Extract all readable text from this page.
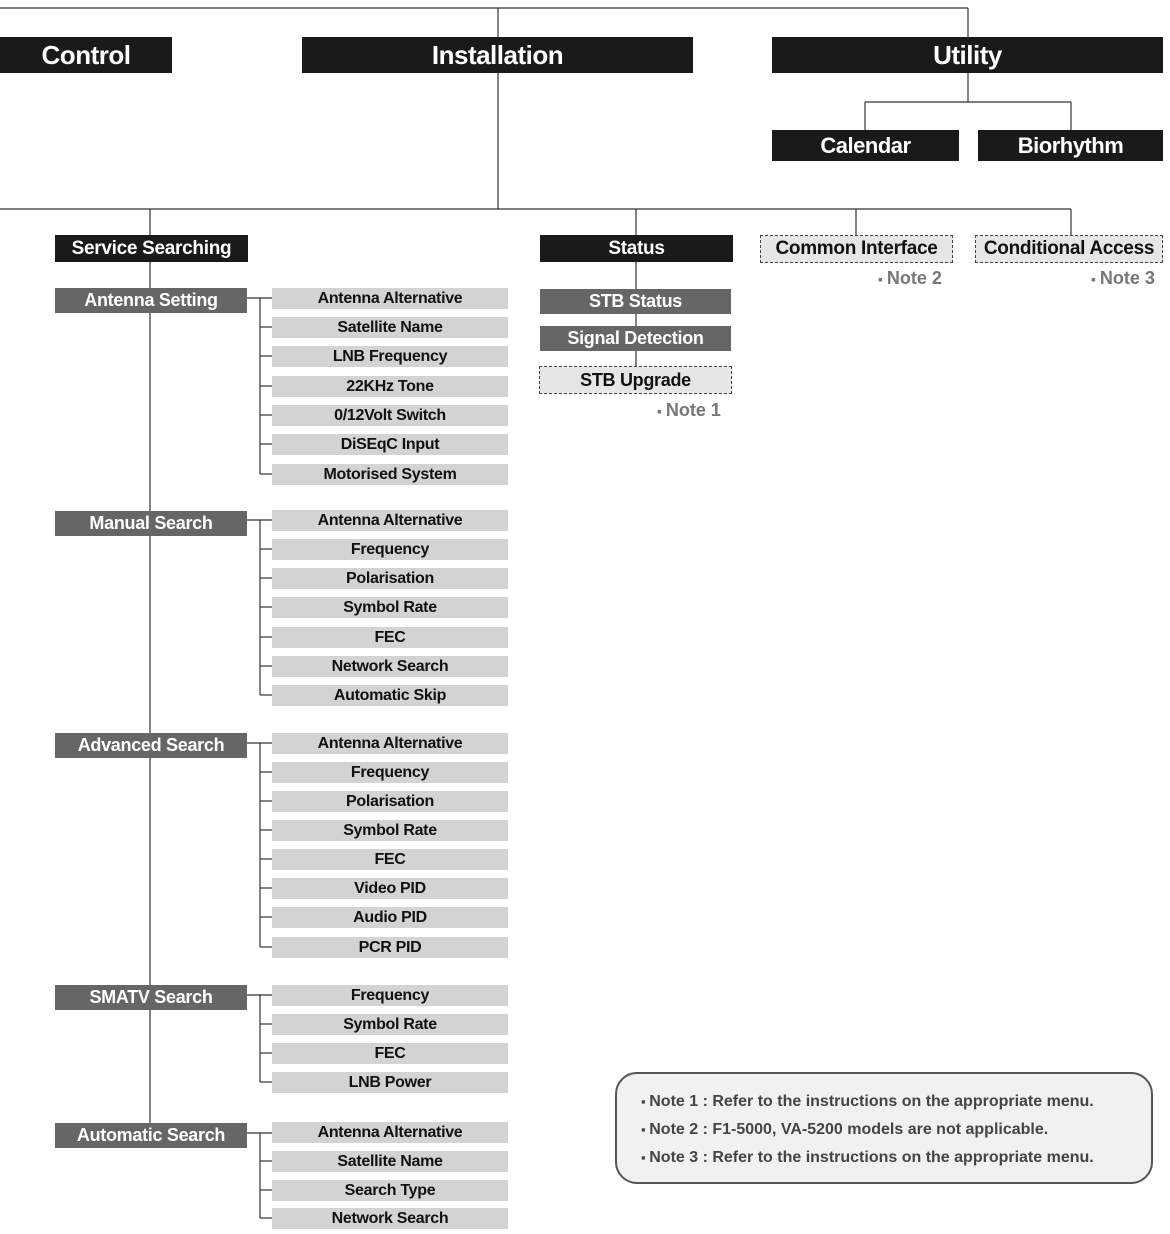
Control	Installation	Utility
Calendar	Biorhythm
Service Searching	Status	Common Interface	Conditional Access
▪ Note 2
▪	Note 3
STB Status
Signal Detection
STB Upgrade
▪ Note 1
Antenna Setting	Antenna Alternative
Satellite Name
LNB Frequency
22KHz Tone
0/12Volt Switch
DiSEqC Input
Motorised System
Manual Search	Antenna Alternative
Frequency
Polarisation
Symbol Rate
FEC
Network Search
Automatic Skip
Advanced Search	Antenna Alternative
Frequency
Polarisation
Symbol Rate
FEC
Video PID
Audio PID
PCR PID
SMATV Search	Frequency
Symbol Rate
FEC
LNB Power
Automatic Search	Antenna Alternative
Satellite Name
Search Type
Network Search
▪ Note 1 : Refer to the instructions on the appropriate menu.
▪ Note 2 : F1-5000, VA-5200 models are not applicable.
▪ Note 3 : Refer to the instructions on the appropriate menu.
